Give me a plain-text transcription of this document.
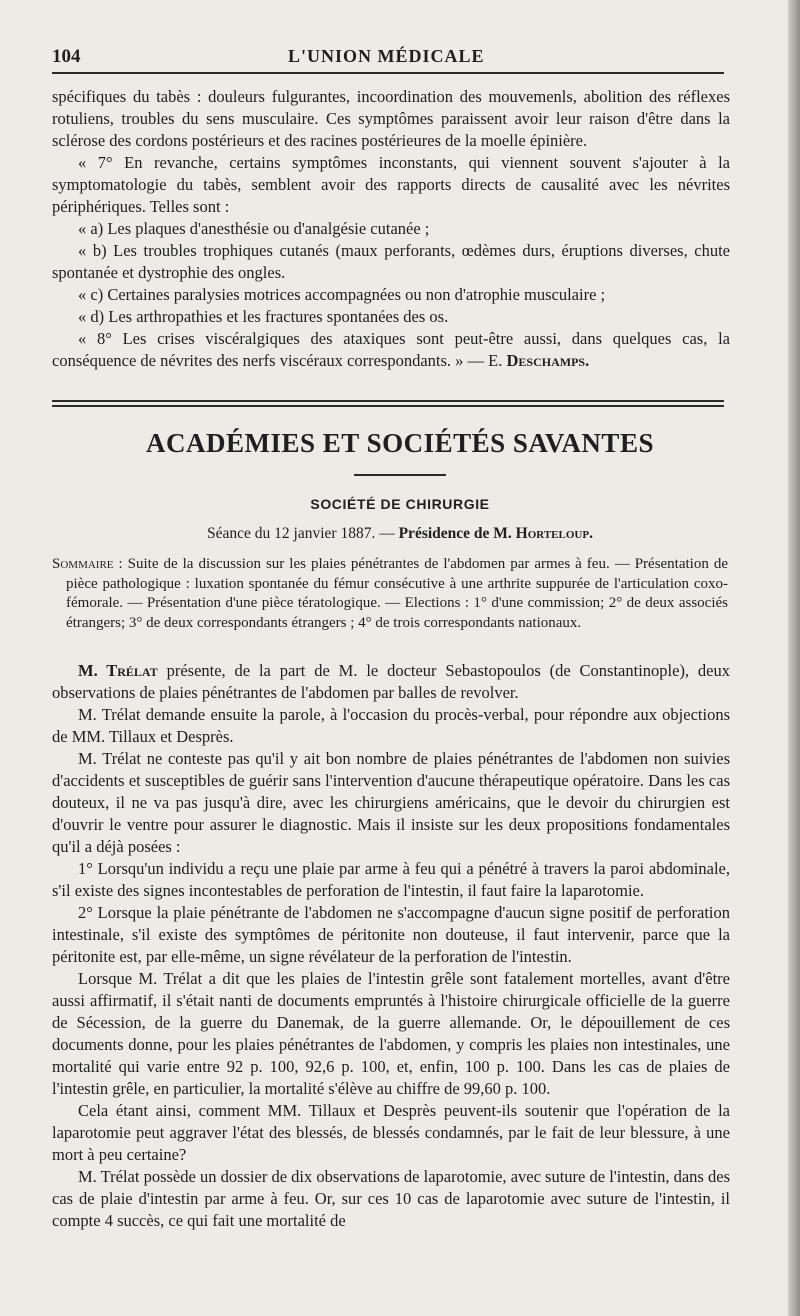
104	L'UNION MÉDICALE

spécifiques du tabès : douleurs fulgurantes, incoordination des mouvemenls, abolition des réflexes rotuliens, troubles du sens musculaire. Ces symptômes paraissent avoir leur raison d'être dans la sclérose des cordons postérieurs et des racines postérieures de la moelle épinière.

« 7° En revanche, certains symptômes inconstants, qui viennent souvent s'ajouter à la symptomatologie du tabès, semblent avoir des rapports directs de causalité avec les névrites périphériques. Telles sont :

« a) Les plaques d'anesthésie ou d'analgésie cutanée ;

« b) Les troubles trophiques cutanés (maux perforants, œdèmes durs, éruptions diverses, chute spontanée et dystrophie des ongles.

« c) Certaines paralysies motrices accompagnées ou non d'atrophie musculaire ;

« d) Les arthropathies et les fractures spontanées des os.

« 8° Les crises viscéralgiques des ataxiques sont peut-être aussi, dans quelques cas, la conséquence de névrites des nerfs viscéraux correspondants. » — E. Deschamps.

ACADÉMIES ET SOCIÉTÉS SAVANTES
SOCIÉTÉ DE CHIRURGIE
Séance du 12 janvier 1887. — Présidence de M. Horteloup.

Sommaire : Suite de la discussion sur les plaies pénétrantes de l'abdomen par armes à feu. — Présentation de pièce pathologique : luxation spontanée du fémur consécutive à une arthrite suppurée de l'articulation coxo-fémorale. — Présentation d'une pièce tératologique. — Elections : 1° d'une commission; 2° de deux associés étrangers; 3° de deux correspondants étrangers ; 4° de trois correspondants nationaux.

M. Trélat présente, de la part de M. le docteur Sebastopoulos (de Constantinople), deux observations de plaies pénétrantes de l'abdomen par balles de revolver.

M. Trélat demande ensuite la parole, à l'occasion du procès-verbal, pour répondre aux objections de MM. Tillaux et Desprès.

M. Trélat ne conteste pas qu'il y ait bon nombre de plaies pénétrantes de l'abdomen non suivies d'accidents et susceptibles de guérir sans l'intervention d'aucune thérapeutique opératoire. Dans les cas douteux, il ne va pas jusqu'à dire, avec les chirurgiens américains, que le devoir du chirurgien est d'ouvrir le ventre pour assurer le diagnostic. Mais il insiste sur les deux propositions fondamentales qu'il a déjà posées :

1° Lorsqu'un individu a reçu une plaie par arme à feu qui a pénétré à travers la paroi abdominale, s'il existe des signes incontestables de perforation de l'intestin, il faut faire la laparotomie.

2° Lorsque la plaie pénétrante de l'abdomen ne s'accompagne d'aucun signe positif de perforation intestinale, s'il existe des symptômes de péritonite non douteuse, il faut intervenir, parce que la péritonite est, par elle-même, un signe révélateur de la perforation de l'intestin.

Lorsque M. Trélat a dit que les plaies de l'intestin grêle sont fatalement mortelles, avant d'être aussi affirmatif, il s'était nanti de documents empruntés à l'histoire chirurgicale officielle de la guerre de Sécession, de la guerre du Danemak, de la guerre allemande. Or, le dépouillement de ces documents donne, pour les plaies pénétrantes de l'abdomen, y compris les plaies non intestinales, une mortalité qui varie entre 92 p. 100, 92,6 p. 100, et, enfin, 100 p. 100. Dans les cas de plaies de l'intestin grêle, en particulier, la mortalité s'élève au chiffre de 99,60 p. 100.

Cela étant ainsi, comment MM. Tillaux et Desprès peuvent-ils soutenir que l'opération de la laparotomie peut aggraver l'état des blessés, de blessés condamnés, par le fait de leur blessure, à une mort à peu certaine?

M. Trélat possède un dossier de dix observations de laparotomie, avec suture de l'intestin, dans des cas de plaie d'intestin par arme à feu. Or, sur ces 10 cas de laparotomie avec suture de l'intestin, il compte 4 succès, ce qui fait une mortalité de
